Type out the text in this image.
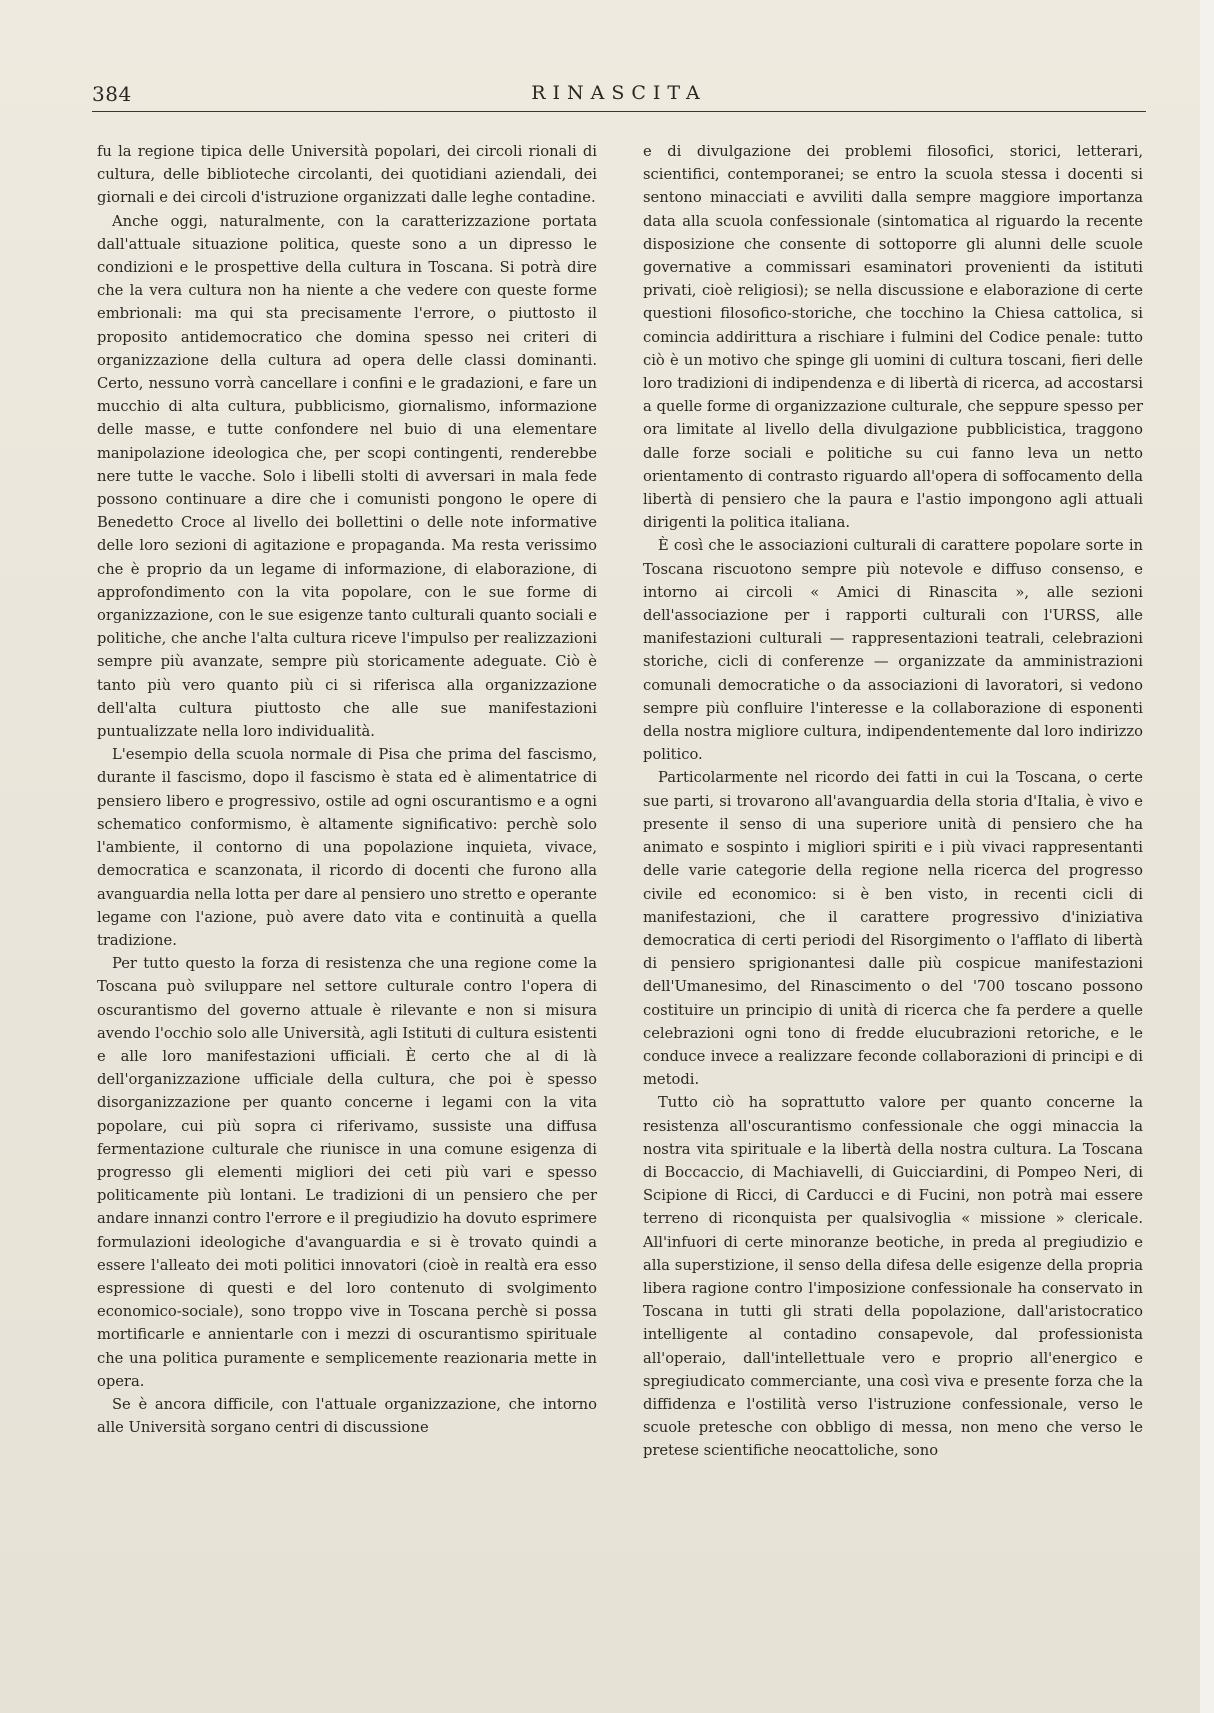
384	RINASCITA

fu la regione tipica delle Università popolari, dei circoli rionali di cultura, delle biblioteche circolanti, dei quotidiani aziendali, dei giornali e dei circoli d'istruzione organizzati dalle leghe contadine.

Anche oggi, naturalmente, con la caratterizzazione portata dall'attuale situazione politica, queste sono a un dipresso le condizioni e le prospettive della cultura in Toscana. Si potrà dire che la vera cultura non ha niente a che vedere con queste forme embrionali: ma qui sta precisamente l'errore, o piuttosto il proposito antidemocratico che domina spesso nei criteri di organizzazione della cultura ad opera delle classi dominanti. Certo, nessuno vorrà cancellare i confini e le gradazioni, e fare un mucchio di alta cultura, pubblicismo, giornalismo, informazione delle masse, e tutte confondere nel buio di una elementare manipolazione ideologica che, per scopi contingenti, renderebbe nere tutte le vacche. Solo i libelli stolti di avversari in mala fede possono continuare a dire che i comunisti pongono le opere di Benedetto Croce al livello dei bollettini o delle note informative delle loro sezioni di agitazione e propaganda. Ma resta verissimo che è proprio da un legame di informazione, di elaborazione, di approfondimento con la vita popolare, con le sue forme di organizzazione, con le sue esigenze tanto culturali quanto sociali e politiche, che anche l'alta cultura riceve l'impulso per realizzazioni sempre più avanzate, sempre più storicamente adeguate. Ciò è tanto più vero quanto più ci si riferisca alla organizzazione dell'alta cultura piuttosto che alle sue manifestazioni puntualizzate nella loro individualità.

L'esempio della scuola normale di Pisa che prima del fascismo, durante il fascismo, dopo il fascismo è stata ed è alimentatrice di pensiero libero e progressivo, ostile ad ogni oscurantismo e a ogni schematico conformismo, è altamente significativo: perchè solo l'ambiente, il contorno di una popolazione inquieta, vivace, democratica e scanzonata, il ricordo di docenti che furono alla avanguardia nella lotta per dare al pensiero uno stretto e operante legame con l'azione, può avere dato vita e continuità a quella tradizione.

Per tutto questo la forza di resistenza che una regione come la Toscana può sviluppare nel settore culturale contro l'opera di oscurantismo del governo attuale è rilevante e non si misura avendo l'occhio solo alle Università, agli Istituti di cultura esistenti e alle loro manifestazioni ufficiali. È certo che al di là dell'organizzazione ufficiale della cultura, che poi è spesso disorganizzazione per quanto concerne i legami con la vita popolare, cui più sopra ci riferivamo, sussiste una diffusa fermentazione culturale che riunisce in una comune esigenza di progresso gli elementi migliori dei ceti più vari e spesso politicamente più lontani. Le tradizioni di un pensiero che per andare innanzi contro l'errore e il pregiudizio ha dovuto esprimere formulazioni ideologiche d'avanguardia e si è trovato quindi a essere l'alleato dei moti politici innovatori (cioè in realtà era esso espressione di questi e del loro contenuto di svolgimento economico-sociale), sono troppo vive in Toscana perchè si possa mortificarle e annientarle con i mezzi di oscurantismo spirituale che una politica puramente e semplicemente reazionaria mette in opera.

Se è ancora difficile, con l'attuale organizzazione, che intorno alle Università sorgano centri di discussione

e di divulgazione dei problemi filosofici, storici, letterari, scientifici, contemporanei; se entro la scuola stessa i docenti si sentono minacciati e avviliti dalla sempre maggiore importanza data alla scuola confessionale (sintomatica al riguardo la recente disposizione che consente di sottoporre gli alunni delle scuole governative a commissari esaminatori provenienti da istituti privati, cioè religiosi); se nella discussione e elaborazione di certe questioni filosofico-storiche, che tocchino la Chiesa cattolica, si comincia addirittura a rischiare i fulmini del Codice penale: tutto ciò è un motivo che spinge gli uomini di cultura toscani, fieri delle loro tradizioni di indipendenza e di libertà di ricerca, ad accostarsi a quelle forme di organizzazione culturale, che seppure spesso per ora limitate al livello della divulgazione pubblicistica, traggono dalle forze sociali e politiche su cui fanno leva un netto orientamento di contrasto riguardo all'opera di soffocamento della libertà di pensiero che la paura e l'astio impongono agli attuali dirigenti la politica italiana.

È così che le associazioni culturali di carattere popolare sorte in Toscana riscuotono sempre più notevole e diffuso consenso, e intorno ai circoli « Amici di Rinascita », alle sezioni dell'associazione per i rapporti culturali con l'URSS, alle manifestazioni culturali — rappresentazioni teatrali, celebrazioni storiche, cicli di conferenze — organizzate da amministrazioni comunali democratiche o da associazioni di lavoratori, si vedono sempre più confluire l'interesse e la collaborazione di esponenti della nostra migliore cultura, indipendentemente dal loro indirizzo politico.

Particolarmente nel ricordo dei fatti in cui la Toscana, o certe sue parti, si trovarono all'avanguardia della storia d'Italia, è vivo e presente il senso di una superiore unità di pensiero che ha animato e sospinto i migliori spiriti e i più vivaci rappresentanti delle varie categorie della regione nella ricerca del progresso civile ed economico: si è ben visto, in recenti cicli di manifestazioni, che il carattere progressivo d'iniziativa democratica di certi periodi del Risorgimento o l'afflato di libertà di pensiero sprigionantesi dalle più cospicue manifestazioni dell'Umanesimo, del Rinascimento o del '700 toscano possono costituire un principio di unità di ricerca che fa perdere a quelle celebrazioni ogni tono di fredde elucubrazioni retoriche, e le conduce invece a realizzare feconde collaborazioni di principi e di metodi.

Tutto ciò ha soprattutto valore per quanto concerne la resistenza all'oscurantismo confessionale che oggi minaccia la nostra vita spirituale e la libertà della nostra cultura. La Toscana di Boccaccio, di Machiavelli, di Guicciardini, di Pompeo Neri, di Scipione di Ricci, di Carducci e di Fucini, non potrà mai essere terreno di riconquista per qualsivoglia « missione » clericale. All'infuori di certe minoranze beotiche, in preda al pregiudizio e alla superstizione, il senso della difesa delle esigenze della propria libera ragione contro l'imposizione confessionale ha conservato in Toscana in tutti gli strati della popolazione, dall'aristocratico intelligente al contadino consapevole, dal professionista all'operaio, dall'intellettuale vero e proprio all'energico e spregiudicato commerciante, una così viva e presente forza che la diffidenza e l'ostilità verso l'istruzione confessionale, verso le scuole pretesche con obbligo di messa, non meno che verso le pretese scientifiche neocattoliche, sono
